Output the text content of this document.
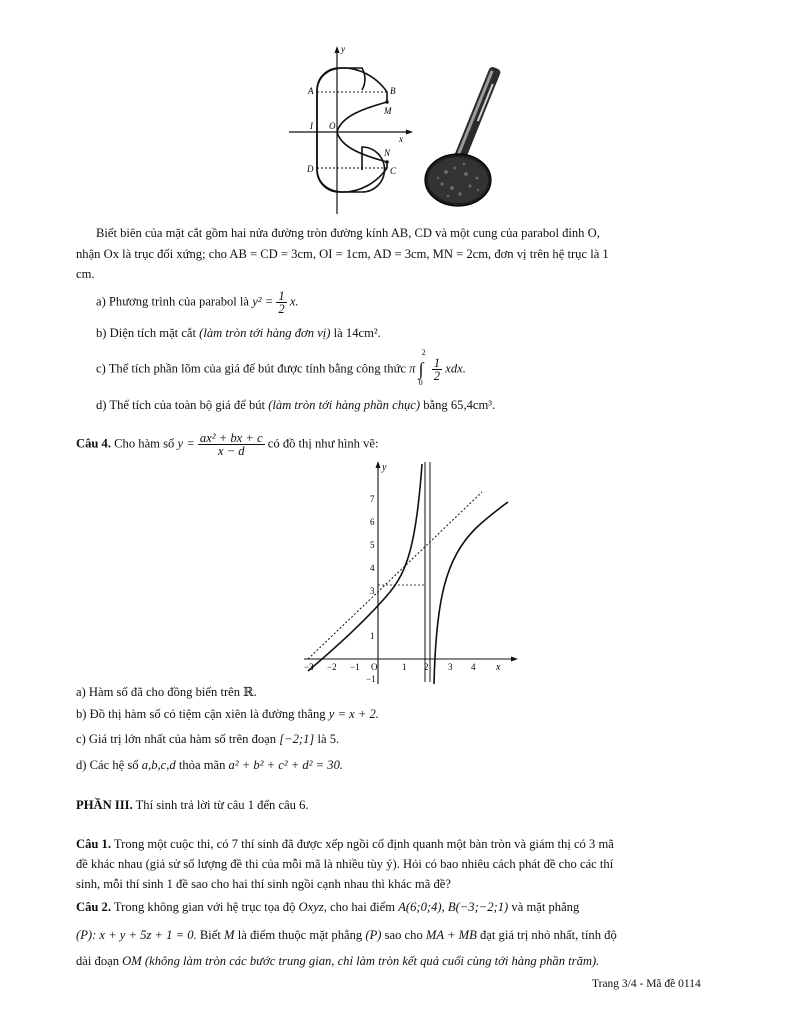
y
x
A	B
M
I O
N
D	C
Biết biên của mặt cắt gồm hai nửa đường tròn đường kính AB, CD và một cung của parabol đỉnh O,
nhận Ox là trục đối xứng; cho AB = CD = 3cm, OI = 1cm, AD = 3cm, MN = 2cm, đơn vị trên hệ trục là 1
cm.
a) Phương trình của parabol là $y^2 = \frac{1}{2} x$.
b) Diện tích mặt cắt (làm tròn tới hàng đơn vị) là 14cm².
c) Thể tích phần lõm của giá để bút được tính bằng công thức π
2
∫
0
$\frac{1}{2}$ xdx.
d) Thể tích của toàn bộ giá để bút (làm tròn tới hàng phần chục) bằng 65,4cm³.
Câu 4. Cho hàm số $y = \frac{\text{ax² + bx + c}}{x - d}$ có đồ thị như hình vẽ:
y
7
6
5
4
3
1
−1
−3 −2 −1 O	1 2 3 4 x
a) Hàm số đã cho đồng biến trên ℝ.
b) Đồ thị hàm số có tiệm cận xiên là đường thẳng y = x + 2.
c) Giá trị lớn nhất của hàm số trên đoạn [−2;1] là 5.
d) Các hệ số a,b,c,d thỏa mãn a² + b² + c² + d² = 30.
PHẦN III. Thí sinh trả lời từ câu 1 đến câu 6.
Câu 1. Trong một cuộc thi, có 7 thí sinh đã được xếp ngồi cố định quanh một bàn tròn và giám thị có 3 mã
đề khác nhau (giả sử số lượng đề thi của mỗi mã là nhiều tùy ý). Hỏi có bao nhiêu cách phát đề cho các thí
sinh, mỗi thí sinh 1 đề sao cho hai thí sinh ngồi cạnh nhau thì khác mã đề?
Câu 2. Trong không gian với hệ trục tọa độ Oxyz, cho hai điểm A(6;0;4), B(−3;−2;1) và mặt phẳng
(P): x + y + 5z + 1 = 0. Biết M là điểm thuộc mặt phẳng (P) sao cho MA + MB đạt giá trị nhỏ nhất, tính độ
dài đoạn OM (không làm tròn các bước trung gian, chỉ làm tròn kết quả cuối cùng tới hàng phần trăm).
Trang 3/4 - Mã đề 0114
